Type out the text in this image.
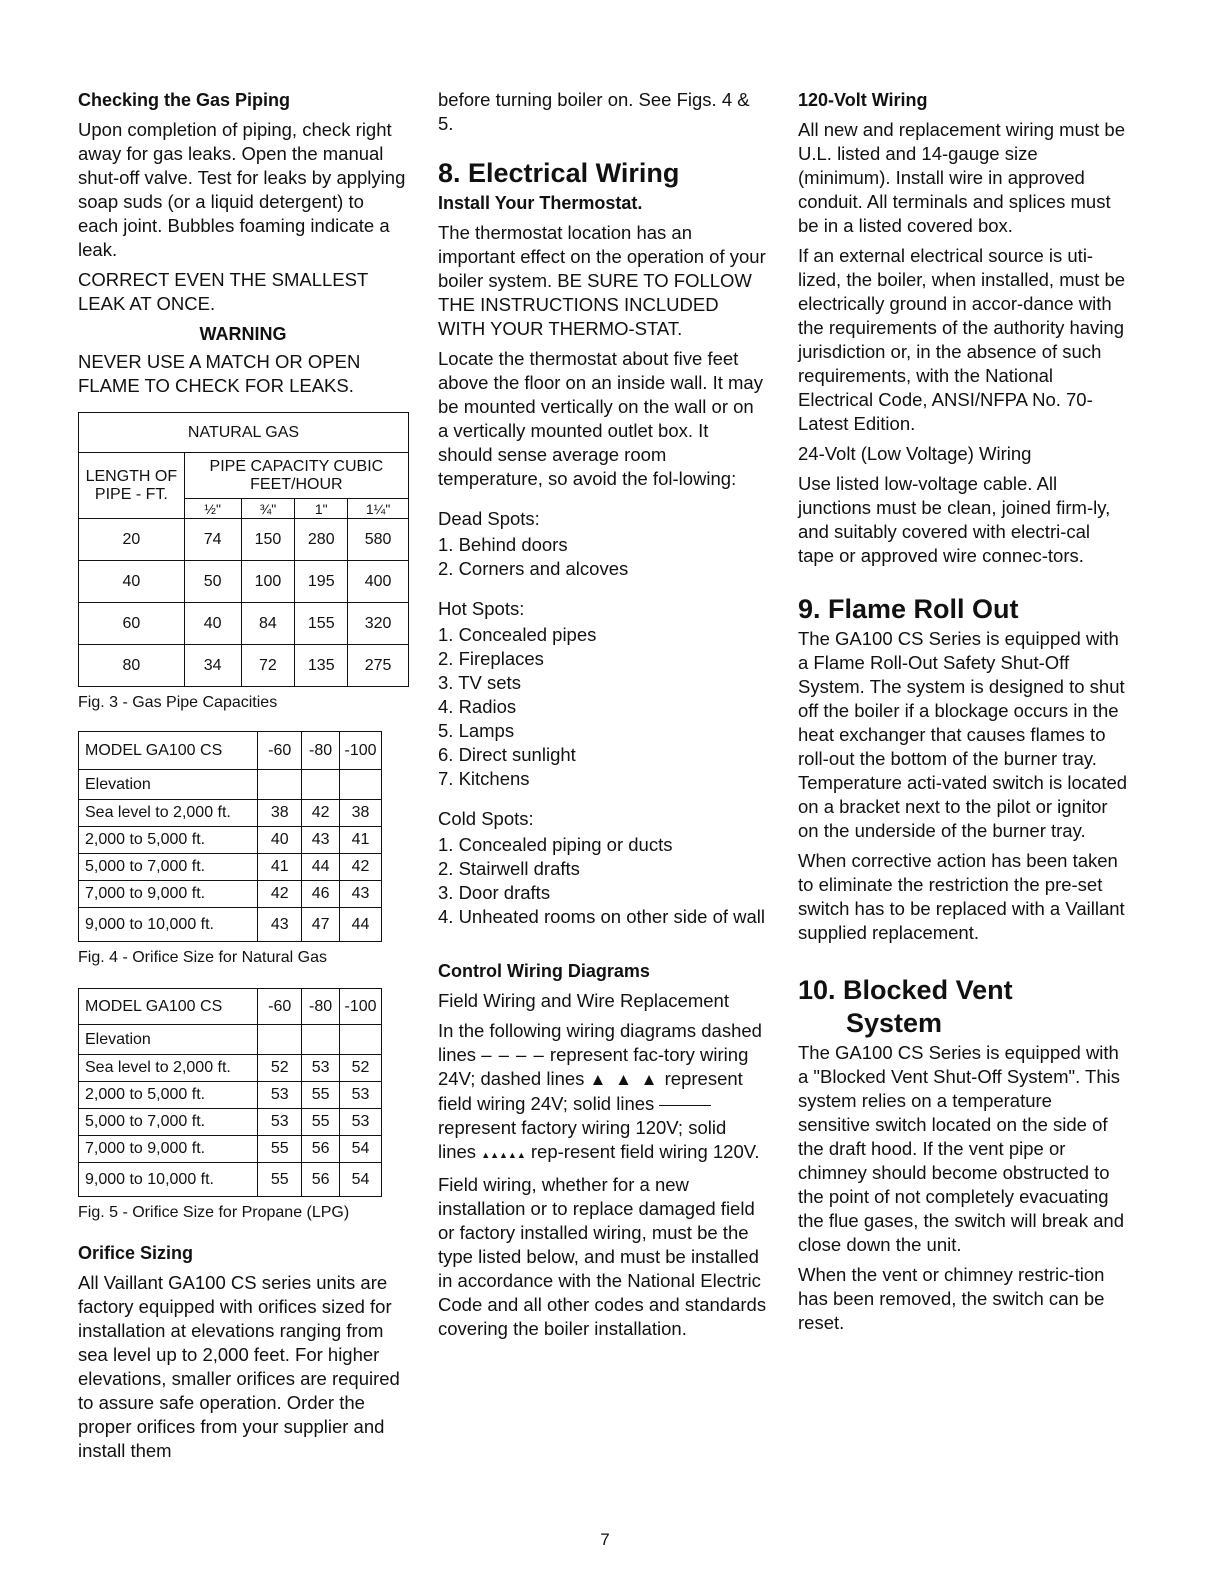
Checking the Gas Piping

Upon completion of piping, check right away for gas leaks. Open the manual shut-off valve. Test for leaks by applying soap suds (or a liquid detergent) to each joint. Bubbles foaming indicate a leak.

CORRECT EVEN THE SMALLEST LEAK AT ONCE.

WARNING

NEVER USE A MATCH OR OPEN FLAME TO CHECK FOR LEAKS.

NATURAL GAS				
LENGTH OF PIPE - FT.	PIPE CAPACITY CUBIC FEET/HOUR			
	½"	¾"	1"	1¼"
20	74	150	280	580
40	50	100	195	400
60	40	84	155	320
80	34	72	135	275
Fig. 3 - Gas Pipe Capacities
MODEL GA100 CS	-60	-80	-100
Elevation			
Sea level to 2,000 ft.	38	42	38
2,000 to 5,000 ft.	40	43	41
5,000 to 7,000 ft.	41	44	42
7,000 to 9,000 ft.	42	46	43
9,000 to 10,000 ft.	43	47	44
Fig. 4 - Orifice Size for Natural Gas
MODEL GA100 CS	-60	-80	-100
Elevation			
Sea level to 2,000 ft.	52	53	52
2,000 to 5,000 ft.	53	55	53
5,000 to 7,000 ft.	53	55	53
7,000 to 9,000 ft.	55	56	54
9,000 to 10,000 ft.	55	56	54
Fig. 5 - Orifice Size for Propane (LPG)
Orifice Sizing

All Vaillant GA100 CS series units are factory equipped with orifices sized for installation at elevations ranging from sea level up to 2,000 feet. For higher elevations, smaller orifices are required to assure safe operation. Order the proper orifices from your supplier and install them

before turning boiler on. See Figs. 4 & 5.

8. Electrical Wiring
Install Your Thermostat.

The thermostat location has an important effect on the operation of your boiler system. BE SURE TO FOLLOW THE INSTRUCTIONS INCLUDED WITH YOUR THERMO-STAT.

Locate the thermostat about five feet above the floor on an inside wall. It may be mounted vertically on the wall or on a vertically mounted outlet box. It should sense average room temperature, so avoid the fol-lowing:

Dead Spots:
1. Behind doors
2. Corners and alcoves
Hot Spots:
1. Concealed pipes
2. Fireplaces
3. TV sets
4. Radios
5. Lamps
6. Direct sunlight
7. Kitchens
Cold Spots:
1. Concealed piping or ducts
2. Stairwell drafts
3. Door drafts
4. Unheated rooms on other side of wall
Control Wiring Diagrams

Field Wiring and Wire Replacement

In the following wiring diagrams dashed lines – – – – represent fac-tory wiring 24V; dashed lines ▲ ▲ ▲ represent field wiring 24V; solid lines  represent factory wiring 120V; solid lines ▲▲▲▲▲ rep-resent field wiring 120V.

Field wiring, whether for a new installation or to replace damaged field or factory installed wiring, must be the type listed below, and must be installed in accordance with the National Electric Code and all other codes and standards covering the boiler installation.

120-Volt Wiring

All new and replacement wiring must be U.L. listed and 14-gauge size (minimum). Install wire in approved conduit. All terminals and splices must be in a listed covered box.

If an external electrical source is uti-lized, the boiler, when installed, must be electrically ground in accor-dance with the requirements of the authority having jurisdiction or, in the absence of such requirements, with the National Electrical Code, ANSI/NFPA No. 70-Latest Edition.

24-Volt (Low Voltage) Wiring

Use listed low-voltage cable. All junctions must be clean, joined firm-ly, and suitably covered with electri-cal tape or approved wire connec-tors.

9. Flame Roll Out

The GA100 CS Series is equipped with a Flame Roll-Out Safety Shut-Off System. The system is designed to shut off the boiler if a blockage occurs in the heat exchanger that causes flames to roll-out the bottom of the burner tray. Temperature acti-vated switch is located on a bracket next to the pilot or ignitor on the underside of the burner tray.

When corrective action has been taken to eliminate the restriction the pre-set switch has to be replaced with a Vaillant supplied replacement.

10. Blocked Vent
System

The GA100 CS Series is equipped with a "Blocked Vent Shut-Off System". This system relies on a temperature sensitive switch located on the side of the draft hood. If the vent pipe or chimney should become obstructed to the point of not completely evacuating the flue gases, the switch will break and close down the unit.

When the vent or chimney restric-tion has been removed, the switch can be reset.

7
